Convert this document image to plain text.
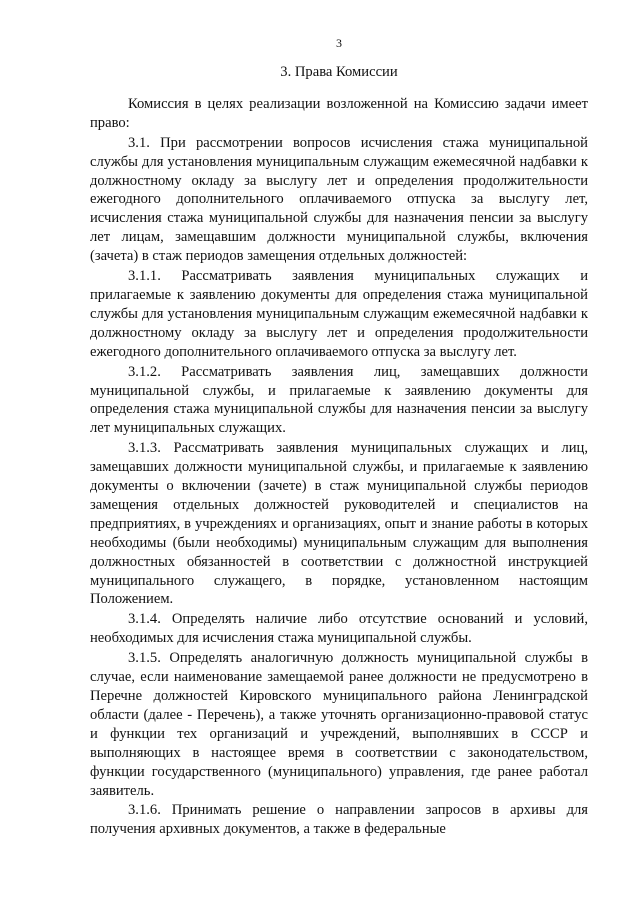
3
3. Права Комиссии
Комиссия в целях реализации возложенной на Комиссию задачи имеет право:
3.1. При рассмотрении вопросов исчисления стажа муниципальной службы для установления муниципальным служащим ежемесячной надбавки к должностному окладу за выслугу лет и определения продолжительности ежегодного дополнительного оплачиваемого отпуска за выслугу лет, исчисления стажа муниципальной службы для назначения пенсии за выслугу лет лицам, замещавшим должности муниципальной службы, включения (зачета) в стаж периодов замещения отдельных должностей:
3.1.1. Рассматривать заявления муниципальных служащих и прилагаемые к заявлению документы для определения стажа муниципальной службы для установления муниципальным служащим ежемесячной надбавки к должностному окладу за выслугу лет и определения продолжительности ежегодного дополнительного оплачиваемого отпуска за выслугу лет.
3.1.2. Рассматривать заявления лиц, замещавших должности муниципальной службы, и прилагаемые к заявлению документы для определения стажа муниципальной службы для назначения пенсии за выслугу лет муниципальных служащих.
3.1.3. Рассматривать заявления муниципальных служащих и лиц, замещавших должности муниципальной службы, и прилагаемые к заявлению документы о включении (зачете) в стаж муниципальной службы периодов замещения отдельных должностей руководителей и специалистов на предприятиях, в учреждениях и организациях, опыт и знание работы в которых необходимы (были необходимы) муниципальным служащим для выполнения должностных обязанностей в соответствии с должностной инструкцией муниципального служащего, в порядке, установленном настоящим Положением.
3.1.4. Определять наличие либо отсутствие оснований и условий, необходимых для исчисления стажа муниципальной службы.
3.1.5. Определять аналогичную должность муниципальной службы в случае, если наименование замещаемой ранее должности не предусмотрено в Перечне должностей Кировского муниципального района Ленинградской области (далее - Перечень), а также уточнять организационно-правовой статус и функции тех организаций и учреждений, выполнявших в СССР и выполняющих в настоящее время в соответствии с законодательством, функции государственного (муниципального) управления, где ранее работал заявитель.
3.1.6. Принимать решение о направлении запросов в архивы для получения архивных документов, а также в федеральные
